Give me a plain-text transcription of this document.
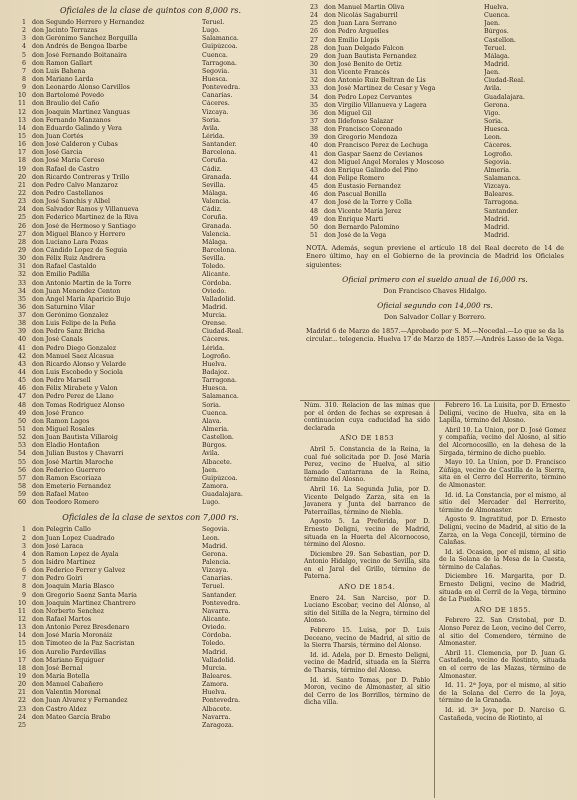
Oficiales de la clase de quintos con 8,000 rs.
1 don Segundo Herrero y Hernandez	Teruel.
2 don Jacinto Terrazas	Lugo.
3 don Gerónimo Sanchez Borguilla	Salamanca.
4 don Andrés de Bengoa Ibarbe	Guipúzcoa.
5 don José Fernando Boitanaira	Cuenca.
6 don Ramon Gallart	Tarragona.
7 don Luis Bahena	Segovia.
8 don Mariano Larda	Huesca.
9 don Leonardo Alonso Carvillos	Pontevedra.
10 don Bartolomé Povedo	Canarias.
11 don Braulio del Caño	Cáceres.
12 don Joaquin Martinez Vanguas	Vizcaya.
13 don Fernando Manzanos	Soria.
14 don Eduardo Galindo y Vera	Avila.
15 don Juan Cortés	Lérida.
16 don José Calderon y Cubas	Santander.
17 don José Garcia	Barcelona.
18 don José María Cereso	Coruña.
19 don Rafael de Castro	Cádiz.
20 don Ricardo Contreras y Trillo	Granada.
21 don Pedro Calvo Manzaroz	Sevilla.
22 don Pedro Castellanos	Málaga.
23 don José Sanchis y Albel	Valencia.
24 don Salvador Ramos y Villanueva	Cádiz.
25 don Federico Martinez de la Riva	Coruña.
26 don José de Hermoso y Santiago	Granada.
27 don Miguel Blanco y Herrero	Valencia.
28 don Luciano Lara Pozas	Málaga.
29 don Cándido Lopez de Seguia	Barcelona.
30 don Félix Ruiz Andrera	Sevilla.
31 don Rafael Castaldo	Toledo.
32 don Emilio Padilla	Alicante.
33 don Antonio Martin de la Torre	Córdoba.
34 don Juan Menendez Centon	Oviedo.
35 don Angel María Aparicio Bujo	Valladolid.
36 don Saturnino Vilar	Madrid.
37 don Gerónimo Gonzalez	Murcia.
38 don Luis Felipe de la Peña	Orense.
39 don Pedro Sanz Bricha	Ciudad-Real.
40 don José Canals	Cáceres.
41 don Pedro Diego Gonzalez	Lérida.
42 don Manuel Saez Alcasua	Logroño.
43 don Ricardo Alonso y Velarde	Huelva.
44 don Luis Escobedo y Sociola	Badajoz.
45 don Pedro Marsell	Tarragona.
46 don Félix Mirabete y Valon	Huesca.
47 don Pedro Perez de Llano	Salamanca.
48 don Tomas Rodriguez Alonso	Soria.
49 don José Franco	Cuenca.
50 don Ramon Lagos	Alava.
51 don Miguel Rosales	Almería.
52 don Juan Bautista Villaroig	Castellon.
53 don Eladio Hontañon	Búrgos.
54 don Julian Bustos y Chavarri	Avila.
55 don José Martín Maroche	Albacete.
56 don Federico Guerrero	Jaen.
57 don Ramon Escoriaza	Guipúzcoa.
58 don Emeterio Fernandez	Zamora.
59 don Rafael Mateo	Guadalajara.
60 don Teodoro Romero	Lugo.
Oficiales de la clase de sextos con 7,000 rs.
1 don Pelegrin Callo	Segovia.
2 don Juan Lopez Cuadrado	Leon.
3 don José Laraca	Madrid.
4 don Ramon Lopez de Ayala	Gerona.
5 don Isidro Martinez	Palencia.
6 don Federico Ferrer y Galvez	Vizcaya.
7 don Pedro Goiri	Canarias.
8 don Joaquin María Blasco	Teruel.
9 don Gregorio Saenz Santa María	Santander.
10 don Joaquin Martinez Chantrero	Pontevedra.
11 don Norberto Senchez	Navarra.
12 don Rafael Martos	Alicante.
13 don Antonio Perez Bresdenaro	Oviedo.
14 don José María Moronáiz	Córdoba.
15 don Timoteo de la Paz Sacristan	Toledo.
16 don Aurelio Pardevillas	Madrid.
17 don Mariano Equiguer	Valladolid.
18 don José Bernal	Murcia.
19 don María Botella	Baleares.
20 don Manuel Cabañero	Zamora.
21 don Valentin Morenal	Huelva.
22 don Juan Alvarez y Fernandez	Pontevedra.
23 don Castro Aldez	Albacete.
24 don Mateo García Brabo	Navarra.
25	Zaragoza.
23 don Manuel Martin Oliva	Huelva.
24 don Nicolás Sagaburril	Cuenca.
25 don Juan Lara Serrano	Jaen.
26 don Pedro Arguelles	Búrgos.
27 don Emilio Llopis	Castellon.
28 don Juan Delgado Falcon	Teruel.
29 don Juan Bautista Fernandez	Málaga.
30 don José Benito de Ortiz	Madrid.
31 don Vicente Francés	Jaen.
32 don Antonio Ruiz Beltran de Lis	Ciudad-Real.
33 don José Martínez de Cesar y Vega	Avila.
34 don Pedro Lopez Cervantes	Guadalajara.
35 don Virgilio Villanueva y Lagera	Gerona.
36 don Miguel Gil	Vigo.
37 don Ildefonso Salazar	Soria.
38 don Francisco Coronado	Huesca.
39 don Gregorio Mendoza	Leon.
40 don Francisco Perez de Lechuga	Cáceres.
41 don Gaspar Saenz de Cevianos	Logroño.
42 don Miguel Angel Morales y Moscoso	Segovia.
43 don Enrique Galindo del Pino	Almería.
44 don Felipe Romero	Salamanca.
45 don Eustasio Fernandez	Vizcaya.
46 don Pascual Bonilla	Baleares.
47 don José de la Torre y Colla	Tarragona.
48 don Vicente María Jerez	Santander.
49 don Enrique Marti	Madrid.
50 don Bernardo Palomino	Madrid.
51 don José de la Vega	Madrid.
NOTA. Además, segun previene el artículo 18 del Real decreto de 14 de Enero último, hay en el Gobierno de la provincia de Madrid los Oficiales siguientes:
Oficial primero con el sueldo anual de 16,000 rs.
Don Francisco Chaves Hidalgo.
Oficial segundo con 14,000 rs.
Don Salvador Collar y Borrero.
Madrid 6 de Marzo de 1857.—Aprobado por S. M.—Nocedal.—Lo que se da la circular... telegencia. Huelva 17 de Marzo de 1857.—Andrés Lasso de la Vega.
Núm. 310. Relacion de las minas que por el órden de fechas se expresan á continuacion cuya caducidad ha sido declarada
AÑO DE 1853
Abril 5. Constancia de la Reina, la cual fué solicitada por D. José María Perez, vecino de Huelva, al sitio llamado Cantarrana de la Reina, término del Alosno.
Abril 16. La Segunda Julia, por D. Vicente Delgado Zarza, sita en la Javanera y Junta del barranco de Paterraillas, término de Niebla.
Agosto 5. La Preferida, por D. Ernesto Deligni, vecino de Madrid, situada en la Huerta del Alcornocoso, término del Alosno.
Diciembre 29. San Sebastian, por D. Antonio Hidalgo, vecino de Sevilla, sita en el Jaral del Grillo, término de Paterna.
AÑO DE 1854.
Enero 24. San Narciso, por D. Luciano Escobar, vecino del Alonso, al sitio del Sitilla de la Negra, término del Alonso.
Febrero 15. Luisa, por D. Luis Deceano, vecino de Madrid, al sitio de la Sierra Tharsis, término del Alonso.
Id. id. Adela, por D. Ernesto Deligni, vecino de Madrid, situada en la Sierra de Tharsis, término del Alonso.
Id. id. Santo Tomas, por D. Pablo Moron, vecino de Almonaster, al sitio del Cerro de los Borrillos, término de dicha villa.
Febrero 16. La Luisita, por D. Ernesto Deligni, vecino de Huelva, sita en la Lapilla, término del Alosno.
Abril 10. La Union, por D. José Gomez y compañía, vecino del Alosno, al sitio del Alcornocosillo, en la dehesa de la Sirgada, término de dicho pueblo.
Mayo 10. La Union, por D. Francisco Zúñiga, vecino de Castilla de la Sierra, sita en el Cerro del Herrerito, término de Almonaster.
Id. id. La Constancia, por el mismo, al sitio del Mercader del Herrerito, término de Almonaster.
Agosto 9. Ingratitud, por D. Ernesto Deligni, vecino de Madrid, al sitio de la Zarza, en la Vega Concejil, término de Calañas.
Id. id. Ocasion, por el mismo, al sitio de la Solana de la Mesa de la Cuesta, término de Calañas.
Diciembre 16. Margarita, por D. Ernesto Deligni, vecino de Madrid, situada en el Cerril de la Vega, término de La Puebla.
AÑO DE 1855.
Febrero 22. San Cristobal, por D. Alonso Perez de Leon, vecino del Cerro, al sitio del Comendero, término de Almonaster.
Abril 11. Clemencia, por D. Juan G. Castañeda, vecino de Rostinto, situada en el cerro de las Mazas, término de Almonaster.
Id. 11. 2ª Joya, por el mismo, al sitio de la Solana del Cerro de la Joya, término de la Granada.
Id. id. 3ª Joya, por D. Narciso G. Castañeda, vecino de Riotinto, al
